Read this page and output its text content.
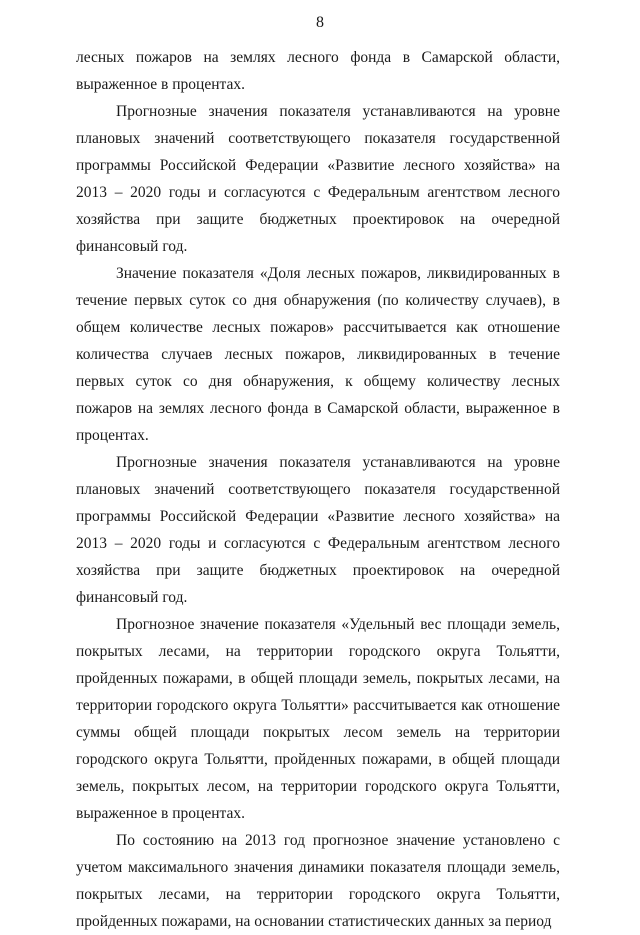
8

лесных пожаров на землях лесного фонда в Самарской области, выраженное в процентах.

Прогнозные значения показателя устанавливаются на уровне плановых значений соответствующего показателя государственной программы Российской Федерации «Развитие лесного хозяйства» на 2013 – 2020 годы и согласуются с Федеральным агентством лесного хозяйства при защите бюджетных проектировок на очередной финансовый год.

Значение показателя «Доля лесных пожаров, ликвидированных в течение первых суток со дня обнаружения (по количеству случаев), в общем количестве лесных пожаров» рассчитывается как отношение количества случаев лесных пожаров, ликвидированных в течение первых суток со дня обнаружения, к общему количеству лесных пожаров на землях лесного фонда в Самарской области, выраженное в процентах.

Прогнозные значения показателя устанавливаются на уровне плановых значений соответствующего показателя государственной программы Российской Федерации «Развитие лесного хозяйства» на 2013 – 2020 годы и согласуются с Федеральным агентством лесного хозяйства при защите бюджетных проектировок на очередной финансовый год.

Прогнозное значение показателя «Удельный вес площади земель, покрытых лесами, на территории городского округа Тольятти, пройденных пожарами, в общей площади земель, покрытых лесами, на территории городского округа Тольятти» рассчитывается как отношение суммы общей площади покрытых лесом земель на территории городского округа Тольятти, пройденных пожарами, в общей площади земель, покрытых лесом, на территории городского округа Тольятти, выраженное в процентах.

По состоянию на 2013 год прогнозное значение установлено с учетом максимального значения динамики показателя площади земель, покрытых лесами, на территории городского округа Тольятти, пройденных пожарами, на основании статистических данных за период
